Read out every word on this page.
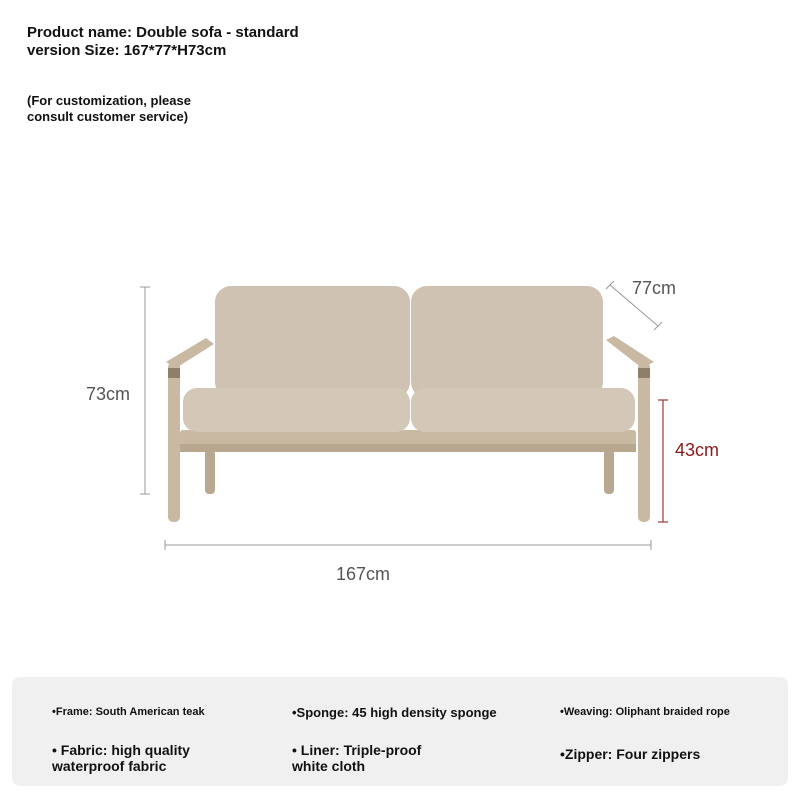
Product name: Double sofa - standard
version Size: 167*77*H73cm
(For customization, please
consult customer service)
77cm
73cm
43cm
167cm
•Frame: South American teak	•Sponge: 45 high density sponge	•Weaving: Oliphant braided rope
• Fabric: high quality
waterproof fabric
• Liner: Triple-proof
white cloth
•Zipper: Four zippers
